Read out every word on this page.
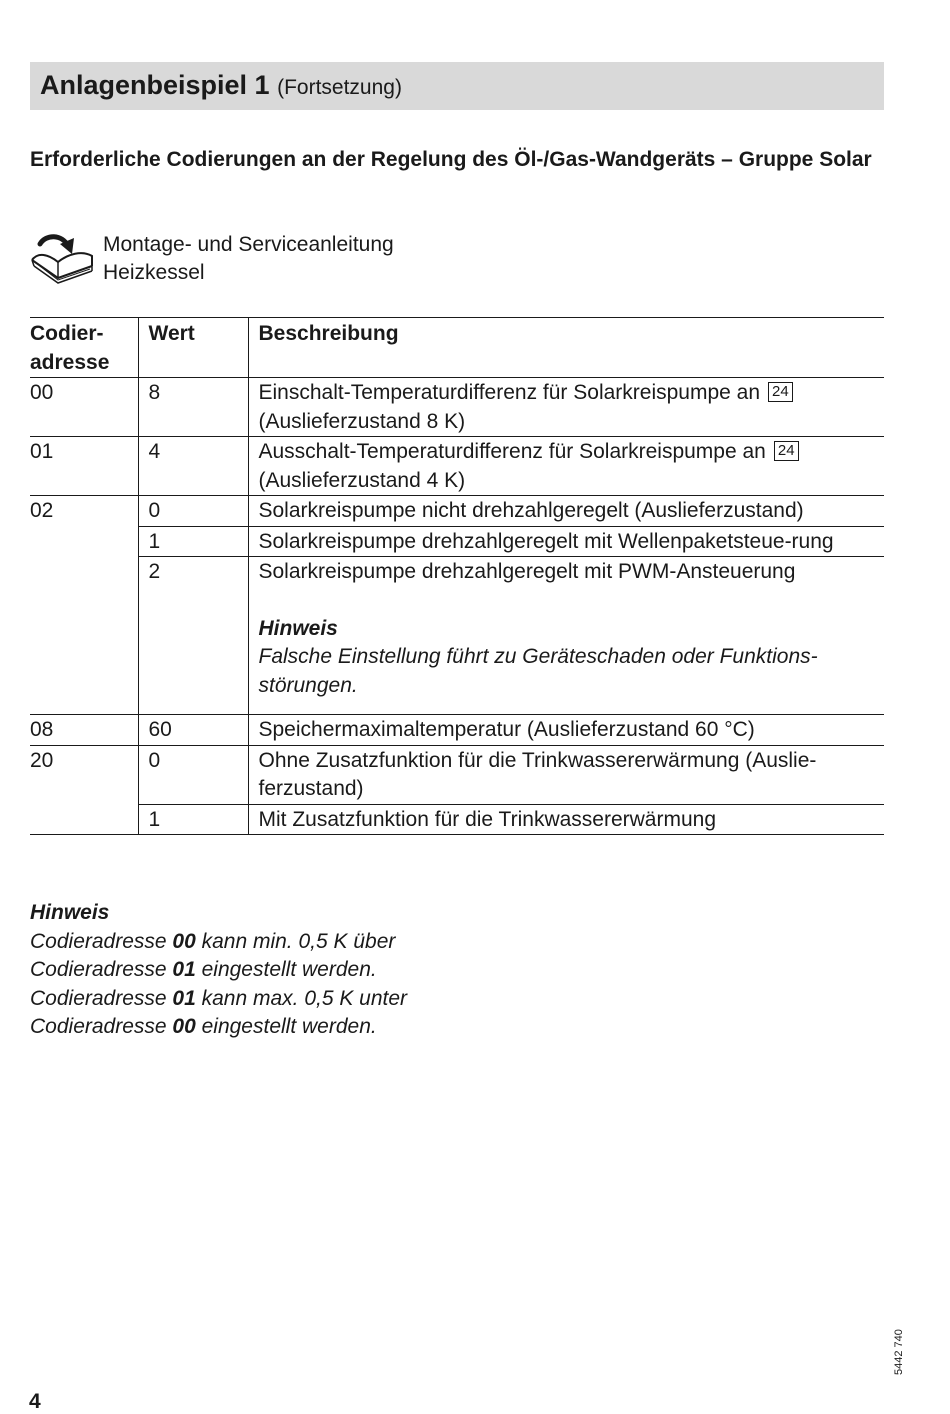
Anlagenbeispiel 1 (Fortsetzung)
Erforderliche Codierungen an der Regelung des Öl-/Gas-Wandgeräts – Gruppe Solar
Montage- und Serviceanleitung
Heizkessel
Codier-adresse	Wert	Beschreibung
00	8	Einschalt-Temperaturdifferenz für Solarkreispumpe an 24
(Auslieferzustand 8 K)
01	4	Ausschalt-Temperaturdifferenz für Solarkreispumpe an 24
(Auslieferzustand 4 K)
02	0	Solarkreispumpe nicht drehzahlgeregelt (Auslieferzustand)
	1	Solarkreispumpe drehzahlgeregelt mit Wellenpaketsteue-rung
	2	Solarkreispumpe drehzahlgeregelt mit PWM-Ansteuerung
Hinweis
Falsche Einstellung führt zu Geräteschaden oder Funktions-störungen.

08	60	Speichermaximaltemperatur (Auslieferzustand 60 °C)
20	0	Ohne Zusatzfunktion für die Trinkwassererwärmung (Auslie-ferzustand)
	1	Mit Zusatzfunktion für die Trinkwassererwärmung
Hinweis
Codieradresse 00 kann min. 0,5 K über
Codieradresse 01 eingestellt werden.
Codieradresse 01 kann max. 0,5 K unter
Codieradresse 00 eingestellt werden.
5442 740
4
